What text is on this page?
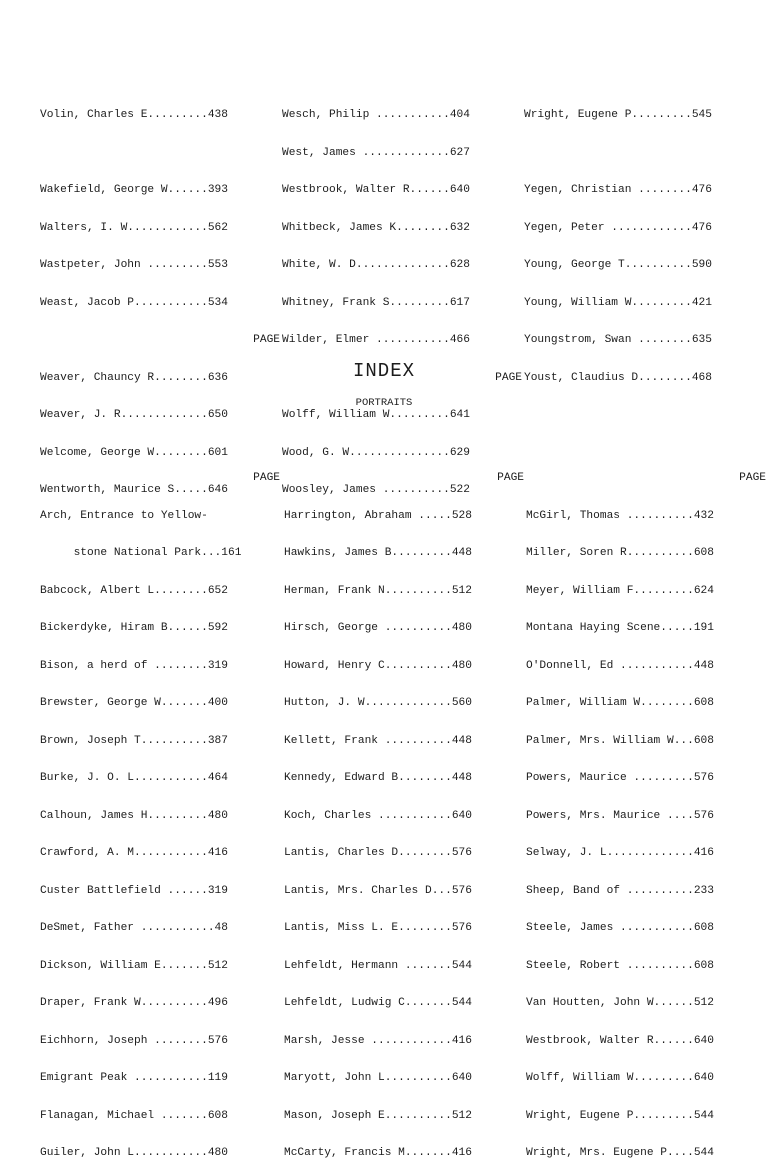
Volin, Charles E.........438

Wakefield, George W......393

Walters, I. W............562

Wastpeter, John .........553

Weast, Jacob P...........534

PAGE

Weaver, Chauncy R........636

Weaver, J. R.............650

Welcome, George W........601

Wentworth, Maurice S.....646

Wesch, Philip ...........404

West, James .............627

Westbrook, Walter R......640

Whitbeck, James K........632

White, W. D..............628

Whitney, Frank S.........617

Wilder, Elmer ...........466

PAGE

Wolff, William W.........641

Wood, G. W...............629

Woosley, James ..........522

Wright, Eugene P.........545

Yegen, Christian ........476

Yegen, Peter ............476

Young, George T..........590

Young, William W.........421

Youngstrom, Swan ........635

Youst, Claudius D........468

INDEX
PORTRAITS

PAGE

Arch, Entrance to Yellow-

stone National Park...161

Babcock, Albert L........652

Bickerdyke, Hiram B......592

Bison, a herd of ........319

Brewster, George W.......400

Brown, Joseph T..........387

Burke, J. O. L...........464

Calhoun, James H.........480

Crawford, A. M...........416

Custer Battlefield ......319

DeSmet, Father ...........48

Dickson, William E.......512

Draper, Frank W..........496

Eichhorn, Joseph ........576

Emigrant Peak ...........119

Flanagan, Michael .......608

Guiler, John L...........480

PAGE

Harrington, Abraham .....528

Hawkins, James B.........448

Herman, Frank N..........512

Hirsch, George ..........480

Howard, Henry C..........480

Hutton, J. W.............560

Kellett, Frank ..........448

Kennedy, Edward B........448

Koch, Charles ...........640

Lantis, Charles D........576

Lantis, Mrs. Charles D...576

Lantis, Miss L. E........576

Lehfeldt, Hermann .......544

Lehfeldt, Ludwig C.......544

Marsh, Jesse ............416

Maryott, John L..........640

Mason, Joseph E..........512

McCarty, Francis M.......416

PAGE

McGirl, Thomas ..........432

Miller, Soren R..........608

Meyer, William F.........624

Montana Haying Scene.....191

O'Donnell, Ed ...........448

Palmer, William W........608

Palmer, Mrs. William W...608

Powers, Maurice .........576

Powers, Mrs. Maurice ....576

Selway, J. L.............416

Sheep, Band of ..........233

Steele, James ...........608

Steele, Robert ..........608

Van Houtten, John W......512

Westbrook, Walter R......640

Wolff, William W.........640

Wright, Eugene P.........544

Wright, Mrs. Eugene P....544
